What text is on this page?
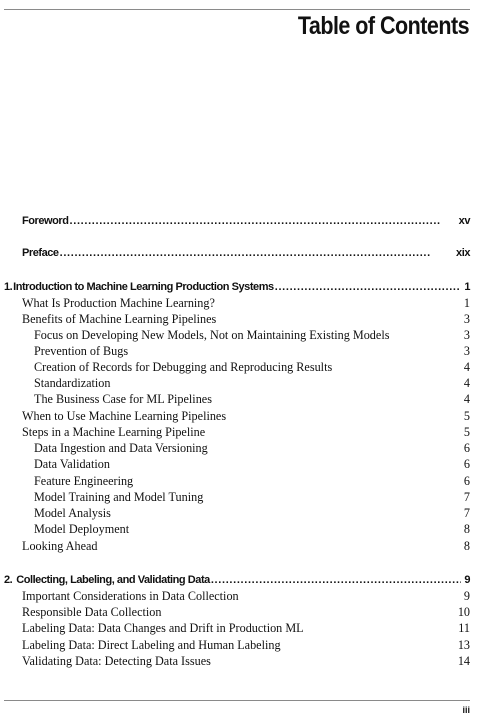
Table of Contents
Foreword . . .	xv
Preface . . .	xix
1. Introduction to Machine Learning Production Systems . . .	1
What Is Production Machine Learning?	1
Benefits of Machine Learning Pipelines	3
Focus on Developing New Models, Not on Maintaining Existing Models	3
Prevention of Bugs	3
Creation of Records for Debugging and Reproducing Results	4
Standardization	4
The Business Case for ML Pipelines	4
When to Use Machine Learning Pipelines	5
Steps in a Machine Learning Pipeline	5
Data Ingestion and Data Versioning	6
Data Validation	6
Feature Engineering	6
Model Training and Model Tuning	7
Model Analysis	7
Model Deployment	8
Looking Ahead	8
2. Collecting, Labeling, and Validating Data . . .	9
Important Considerations in Data Collection	9
Responsible Data Collection	10
Labeling Data: Data Changes and Drift in Production ML	11
Labeling Data: Direct Labeling and Human Labeling	13
Validating Data: Detecting Data Issues	14
iii
